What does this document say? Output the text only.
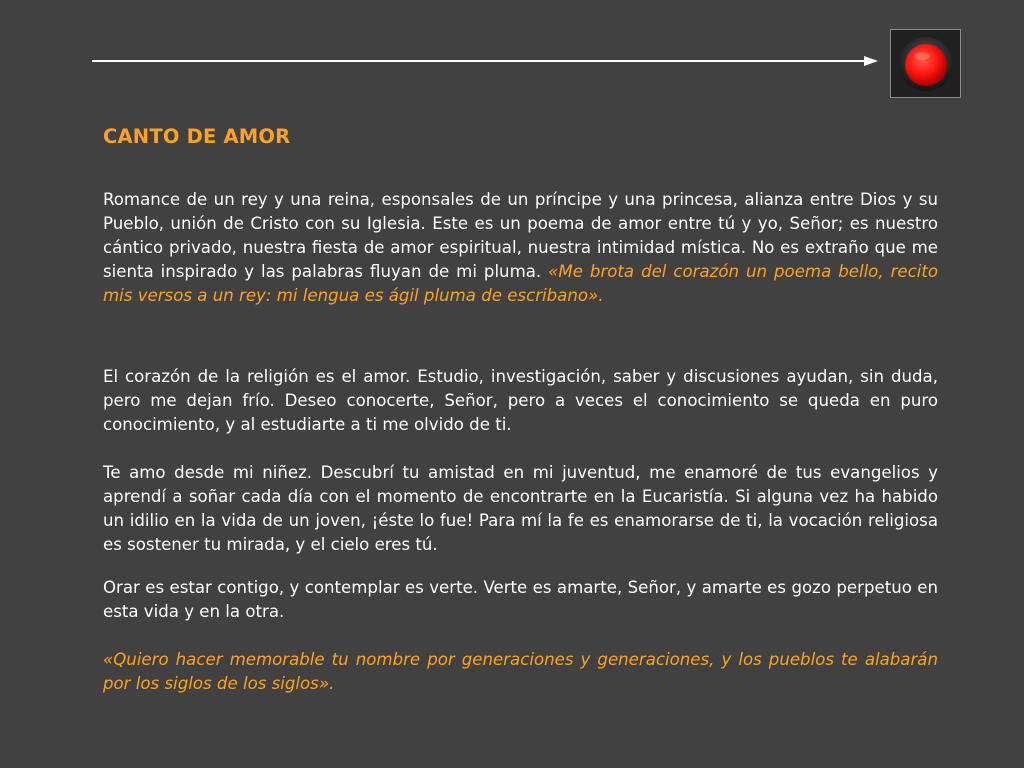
CANTO DE AMOR

Romance de un rey y una reina, esponsales de un príncipe y una princesa, alianza entre Dios y su Pueblo, unión de Cristo con su Iglesia. Este es un poema de amor entre tú y yo, Señor; es nuestro cántico privado, nuestra fiesta de amor espiritual, nuestra intimidad mística. No es extraño que me sienta inspirado y las palabras fluyan de mi pluma. «Me brota del corazón un poema bello, recito mis versos a un rey: mi lengua es ágil pluma de escribano».

El corazón de la religión es el amor. Estudio, investigación, saber y discusiones ayudan, sin duda, pero me dejan frío. Deseo conocerte, Señor, pero a veces el conocimiento se queda en puro conocimiento, y al estudiarte a ti me olvido de ti.

Te amo desde mi niñez. Descubrí tu amistad en mi juventud, me enamoré de tus evangelios y aprendí a soñar cada día con el momento de encontrarte en la Eucaristía. Si alguna vez ha habido un idilio en la vida de un joven, ¡éste lo fue! Para mí la fe es enamorarse de ti, la vocación religiosa es sostener tu mirada, y el cielo eres tú.

Orar es estar contigo, y contemplar es verte. Verte es amarte, Señor, y amarte es gozo perpetuo en esta vida y en la otra.

«Quiero hacer memorable tu nombre por generaciones y generaciones, y los pueblos te alabarán por los siglos de los siglos».
